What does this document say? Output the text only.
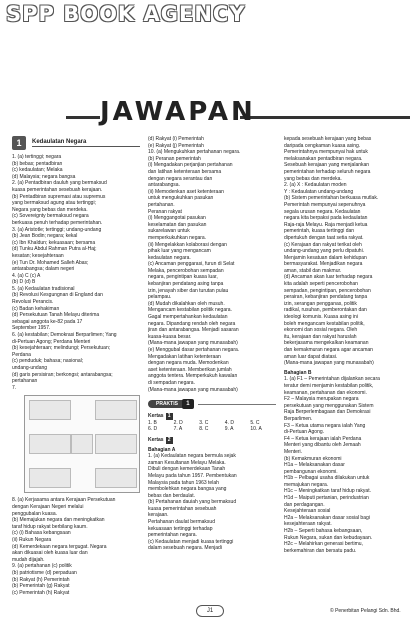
SPP BOOK AGENCY
JAWAPAN
1	Kedaulatan Negara
1. (a) tertinggi; negara
(b) bebas; pentadbiran
(c) kedaulatan; Melaka
(d) Malaysia; negara bangsa
2. (a) Pentadbiran dauluh yang bermaksud
kuasa pemerintahan sesebuah kerajaan.
(b) Pentadbiran supremasi atau supremus
yang bermaksud agung atau tertinggi;
Negara yang bebas dan merdeka.
(c) Sovereignty bermaksud negara
berkuasa penuh terhadap pemerintahan.
3. (a) Aristotle; tertinggi; undang-undang
(b) Jean Bodin; negara; kekal
(c) Ibn Khaldun; kekuasaan; bersama
(d) Tunku Abdul Rahman Putra al-Haj;
kesatan; kesejahteraan
(e) Tun Dr. Mohamed Salleh Abas;
antarabangsa; dalam negeri
4. (a) C (c) A
(b) D (d) B
5. (a) Kedaulatan tradisional
(b) Revolusi Kesgungnan di England dan
Revolusi Perancis.
(c) Badan kehakiman
(d) Persekutuan Tanah Melayu diterima
sebagai anggota ke-82 pada 17
September 1957.
6. (a) kestabilan; Demokrasi Berparlimen; Yang
di-Pertuan Agong; Perdana Menteri
(b) kesejahteraan; melindungi; Persekutuan;
Perdana
(c) penduduk; bahasa; nasional;
undang-undang
(d) garis persisiran; berkongsi; antarabangsa;
pertahanan
7.
8. (a) Kerjasama antara Kerajaan Persekutuan
dengan Kerajaan Negeri melalui
penggubalan kuasa.
(b) Memajukan negara dan meningkatkan
taraf hidup rakyat berbilang kaum.
(c) (i) Bahasa kebangsaan
(ii) Rukun Negara
(d) Kemerdekaan negara tergugat. Negara
akan dikuasai oleh kuasa luar dan
mudah dijajah.
9. (a) pertahanan (c) politik
(b) patriotisme (d) perpaduan
(b) Rakyat (h) Pemerintah
(b) Pemerintah (g) Rakyat
(c) Pemerintah (h) Rakyat
(d) Rakyat (i) Pemerintah
(e) Rakyat (j) Pemerintah
10. (a) Mengukuhkan pertahanan negara.
(b) Peranan pemerintah
(i) Mengadakan perjanjian pertahanan
dan latihan ketenteraan bersama
dengan negara serantau dan
antarabangsa.
(ii) Memodenkan aset ketenteraan
untuk mengukuhkan pasukan
pertahanan.
Peranan rakyat
(i) Menggangotai pasukan
keselamatan dan pasukan
sukarelawan untuk
memperkukuhkan negara.
(ii) Mengelakkan kolaborasi dengan
pihak luar yang mengancam
kedaulatan negara.
(c) Ancaman penggarasi, furun di Selat
Melaka, pencerobohan sempadan
negara, pengintipan kuasa luar,
kebanjiran pendatang asing tanpa
izin, jenayah siber dan turutan pulau
pelampau.
(d) Mudah dikalahkan oleh musuh.
Mengancam kestabilan politik negara.
Gagal mempertahankan kedaulatan
negara. Dipandang rendah oleh negara
jiran dan antarabangsa. Menjadi sasaran
kuasa-kuasa besar.
(Mana-mana jawapan yang munasabah)
(e) Menggubal dasar pertahanan negara.
Mengadakan latihan ketenteraan
dengan negara muda. Memodenkan
aset ketenteraan. Memberikan jumlah
anggota tentera. Memperkukuh kawalan
di sempadan negara.
(Mana-mana jawapan yang munasabah)
PRAKTIS	1
Kertas 1
1. B	2. D	3. C	4. D	5. C
6. D	7. A	8. C	9. A	10. A
Kertas 2
Bahagian A
1. (a) Kedaulatan negara bermula sejak
zaman Kesultanan Melayu Melaka.
Dibuli dengan kemerdekaan Tanah
Melayu pada tahun 1957. Pembentukan
Malaysia pada tahun 1963 telah
membolehkan negara bangsa yang
bebas dan berdaulat.
(b) Pertahanan dauiah yang bermaksud
kuasa pemerintahan sesebuah
kerajaan.
Pertahanan daulat bermaksud
kekuasaan tertinggi terhadap
pemerintahan negara.
(c) Kedaulatan menjadi kuasa tertinggi
dalam sesebuah negara. Menjadi
kepada sesebuah kerajaan yang bebas
daripada cengkaman kuasa asing.
Pemerintahnya mempunyai hak untuk
melaksanakan pentadbiran negara.
Sesebuah kerajaan yang menjalankan
pemerintahan terhadap seluruh negara
yang bebas dan merdeka.
2. (a) X : Kedaulatan moden
Y : Kedaulatan undang-undang
(b) Sistem pemerintahan berkuasa mutlak.
Pemerintah mempunyai sepenuhnya
segala urusan negara. Kedaulatan
negara kita berpaksi pada kedaulatan
Raja-raja Melayu. Raja menjadi ketua
pemerintah, kuasa tertinggi dan
dipertukuh dengan taat setia rakyat.
(c) Kerajaan dan rakyat terikat oleh
undang-undang yang perlu dipatuhi.
Menjamin kesatuan dalam kehidupan
bermasyarakat. Menjadikan negara
aman, stabil dan makmur.
(d) Ancaman akan luar terhadap negara
kita adalah seperti pencerobohan
sempadan, pengintipan, pencerobohan
perairan, kebanjiran pendatang tanpa
izin, serangan pengganas, politik
radikal, rusuhan, pemberontakan dan
ideologi komunis. Kuasa asing ini
boleh mengancam kestabilan politik,
ekonomi dan sosial negara. Oleh
itu, kerajaan dan rakyat haruslah
bekerjasama mengekalkan keamanan
dan kemakmuran negara agar ancaman
aman luar dapat diatasi.
(Mana-mana jawapan yang munasabah)
Bahagian B
1. (a) F1 – Pemerintahan dijalankan secara
teratur demi menjamin kestabilan politik,
keamanan, pertahanan dan ekonomi.
F2 – Malaysia merupakan negara
persekutuan yang menggunakan Sistem
Raja Berperlembagaan dan Demokrasi
Berparlimen.
F3 – Ketua utama negara ialah Yang
di-Pertuan Agong.
F4 – Ketua kerajaan ialah Perdana
Menteri yang dibantu oleh Jemaah
Menteri.
(b) Kemakmuran ekonomi
H1a – Melaksanakan dasar
pembangunan ekonomi.
H1b – Pelbagai usaha dilakukan untuk
memajukan negara.
H1c – Meningkatkan taraf hidup rakyat.
H1d – Maiputi pertanian, perindustrian
dan perdagangan.
Kesejahteraan sosial
H2a – Melaksanakan dasar sosial bagi
kesejahteraan rakyat.
H2b – Seperti bahasa kebangsaan,
Rukun Negara, sukan dan kebudayaan.
H2c – Melahirkan generasi bertimu,
berkemahiran dan bersatu padu.
J1	© Penerbitan Pelangi Sdn. Bhd.
